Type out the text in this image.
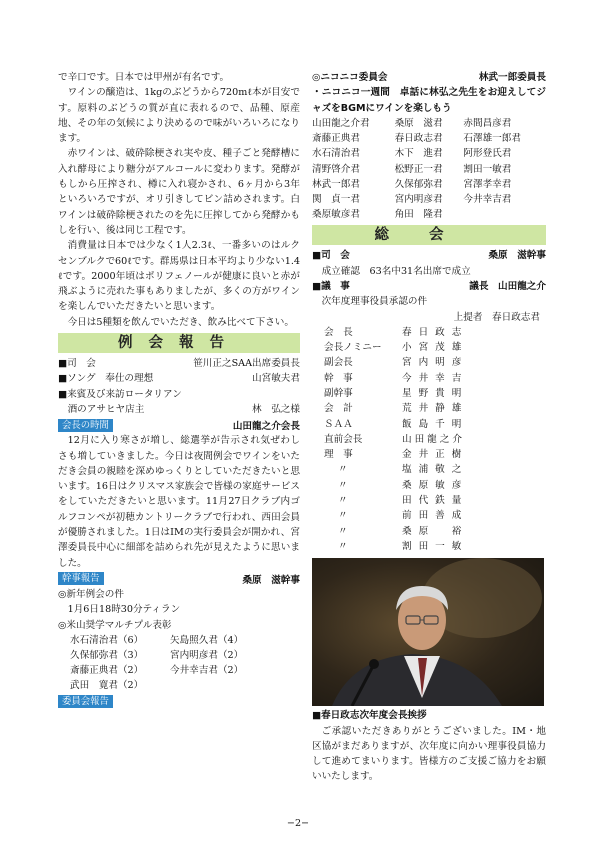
で辛口です。日本では甲州が有名です。

ワインの醸造は、1kgのぶどうから720mℓ本が目安です。原料のぶどうの質が直に表れるので、品種、原産地、その年の気候により決めるので味がいろいろになります。

赤ワインは、破砕除梗され実や皮、種子ごと発酵槽に入れ酵母により糖分がアルコールに変わります。発酵がもしから圧搾され、樽に入れ寝かされ、6ヶ月から3年といろいろですが、オリ引きしてビン詰めされます。白ワインは破砕除梗されたのを先に圧搾してから発酵かもしを行い、後は同じ工程です。

消費量は日本では少なく1人2.3ℓ、一番多いのはルクセンブルクで60ℓです。群馬県は日本平均より少ない1.4ℓです。2000年頃はポリフェノールが健康に良いと赤が飛ぶように売れた事もありましたが、多くの方がワインを楽しんでいただきたいと思います。

今日は5種類を飲んでいただき、飲み比べて下さい。

例会報告
■司　会	笹川正之SAA出席委員長
■ソング　奉仕の理想	山宮敏夫君
■来賓及び来訪ロータリアン
　酒のアサヒヤ店主	林　弘之様
会長の時間	山田龍之介会長

12月に入り寒さが増し、総選挙が告示され気ぜわしさも増していきました。今日は夜間例会でワインをいただき会員の親睦を深めゆっくりとしていただきたいと思います。16日はクリスマス家族会で皆様の家庭サービスをしていただきたいと思います。11月27日クラブ内ゴルフコンペが初穂カントリークラブで行われ、西田会員が優勝されました。1日はIMの実行委員会が開かれ、宮澤委員長中心に細部を詰められ先が見えたように思いました。

幹事報告	桑原　滋幹事

◎新年例会の件

　1月6日18時30分ティラン

◎米山奨学マルチプル表彰

水石清治君（6）	矢島照久君（4）
久保郁弥君（3）	宮内明彦君（2）
斎藤正典君（2）	今井幸吉君（2）
武田　寛君（2）	
委員会報告
◎ニコニコ委員会	林武一郎委員長

・ニコニコ一週間　卓話に林弘之先生をお迎えしてジャズをBGMにワインを楽しもう

山田龍之介君	桑原　滋君	赤間昌彦君
斎藤正典君	春日政志君	石澤雄一郎君
水石清治君	木下　進君	阿形登氏君
清野啓介君	松野正一君	割田一敏君
林武一郎君	久保郁弥君	宮澤孝幸君
関　貞一君	宮内明彦君	今井幸吉君
桑原敏彦君	角田　隆君	
総会
■司　会	桑原　滋幹事
　成立確認　63名中31名出席で成立
■議　事	議長　山田龍之介
　次年度理事役員承認の件
上提者　春日政志君
会　長	春日政志
会長ノミニー	小宮茂雄
副会長	宮内明彦
幹　事	今井幸吉
副幹事	星野貴明
会　計	荒井静雄
ＳＡＡ	飯島千明
直前会長	山田龍之介
理　事	金井正樹
〃	塩浦敬之
〃	桑原敏彦
〃	田代鉄量
〃	前田善成
〃	桑原　裕
〃	割田一敏
■春日政志次年度会長挨拶

ご承認いただきありがとうございました。IM・地区協がまだありますが、次年度に向かい理事役員協力して進めてまいります。皆様方のご支援ご協力をお願いいたします。

−2−
